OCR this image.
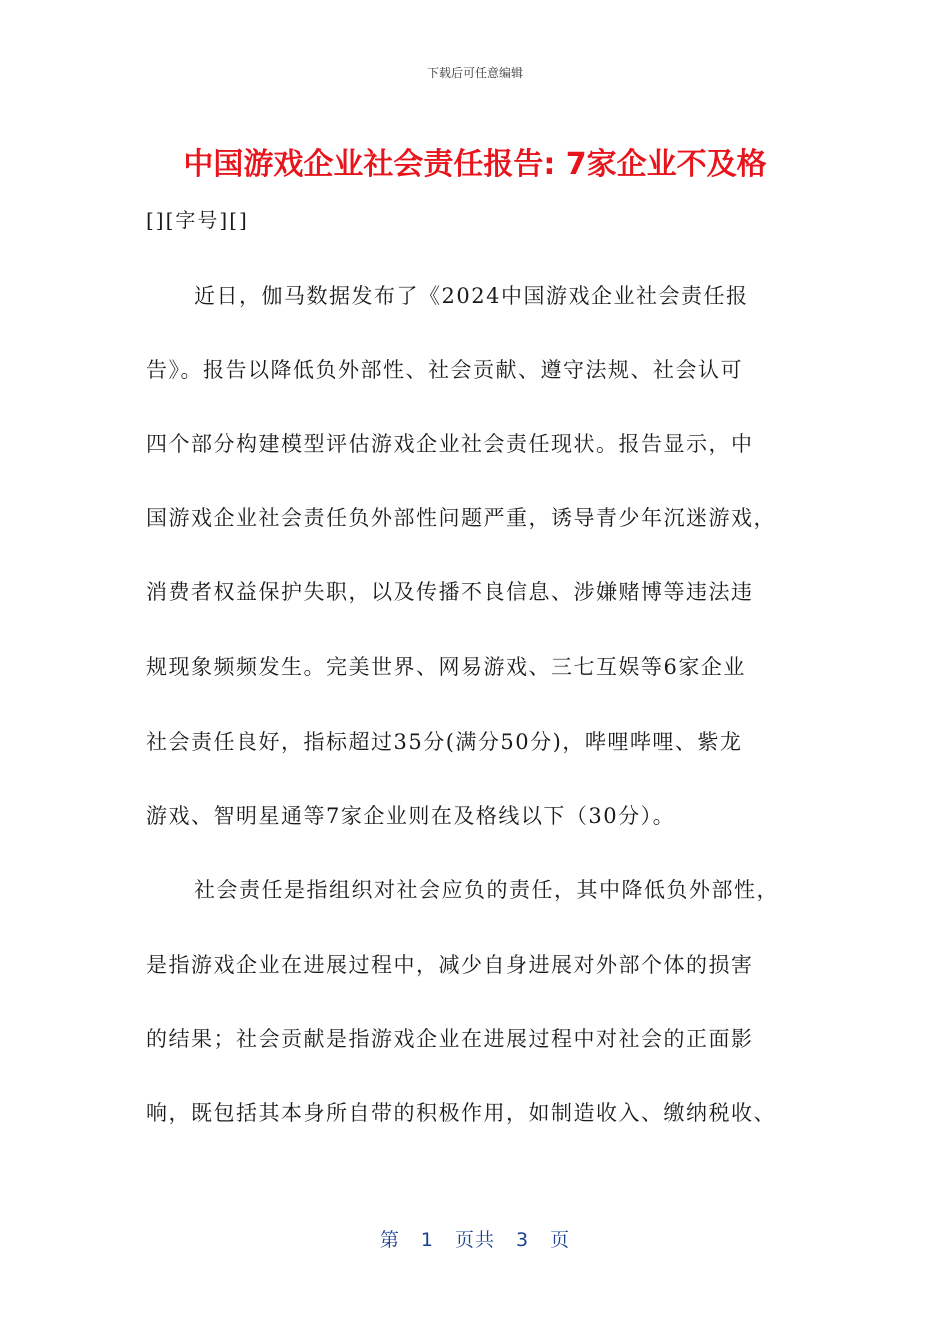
下载后可任意编辑
中国游戏企业社会责任报告: 7家企业不及格
[][字号][]
近日，伽马数据发布了《2024中国游戏企业社会责任报
告》。报告以降低负外部性、社会贡献、遵守法规、社会认可
四个部分构建模型评估游戏企业社会责任现状。报告显示，中
国游戏企业社会责任负外部性问题严重，诱导青少年沉迷游戏，
消费者权益保护失职，以及传播不良信息、涉嫌赌博等违法违
规现象频频发生。完美世界、网易游戏、三七互娱等6家企业
社会责任良好，指标超过35分(满分50分)，哔哩哔哩、紫龙
游戏、智明星通等7家企业则在及格线以下（30分）。
社会责任是指组织对社会应负的责任，其中降低负外部性，
是指游戏企业在进展过程中，减少自身进展对外部个体的损害
的结果；社会贡献是指游戏企业在进展过程中对社会的正面影
响，既包括其本身所自带的积极作用，如制造收入、缴纳税收、
第 1 页共 3 页
